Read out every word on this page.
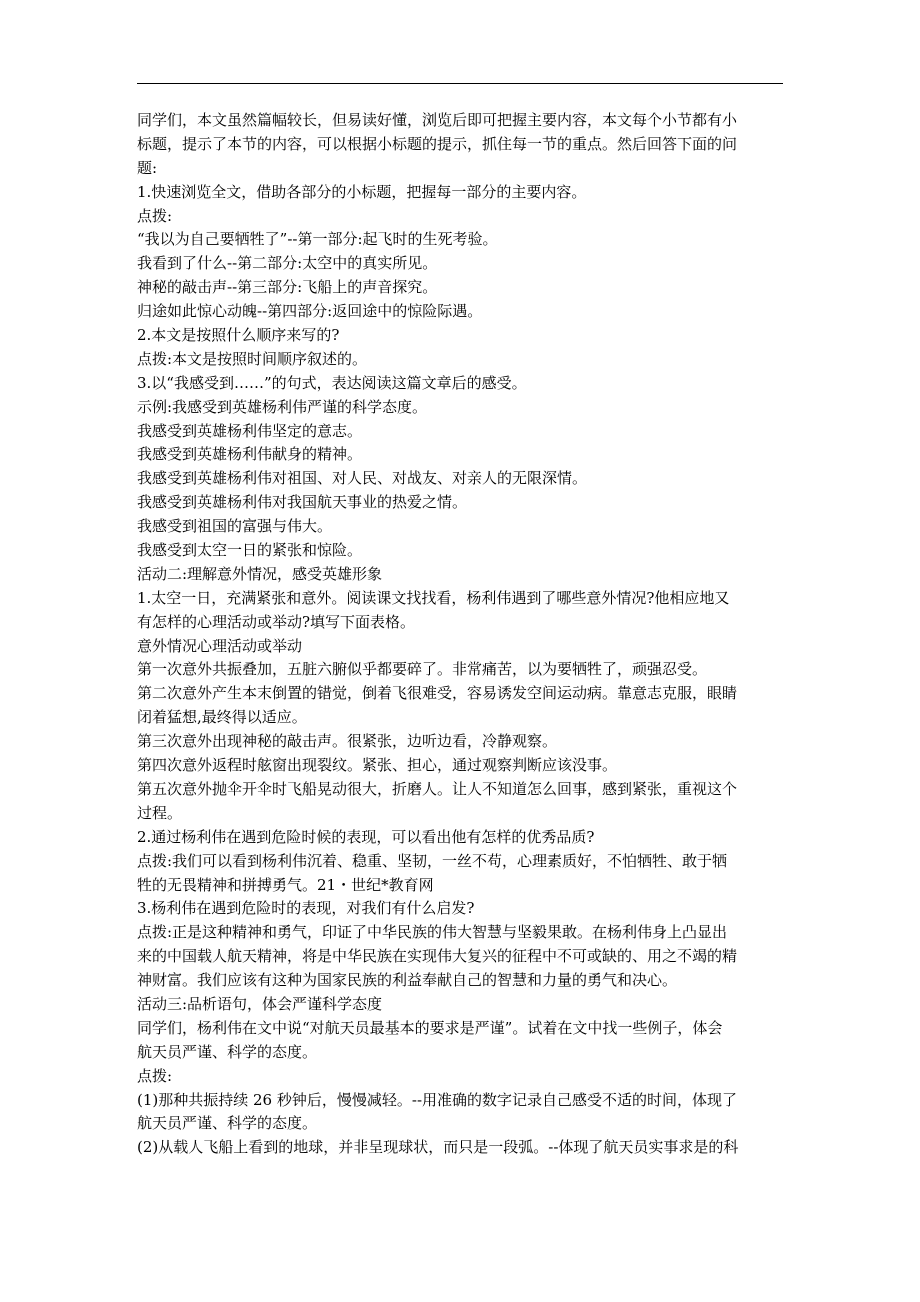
同学们，本文虽然篇幅较长，但易读好懂，浏览后即可把握主要内容，本文每个小节都有小
标题，提示了本节的内容，可以根据小标题的提示，抓住每一节的重点。然后回答下面的问
题:
1.快速浏览全文，借助各部分的小标题，把握每一部分的主要内容。
点拨:
“我以为自己要牺牲了”--第一部分:起飞时的生死考验。
我看到了什么--第二部分:太空中的真实所见。
神秘的敲击声--第三部分:飞船上的声音探究。
归途如此惊心动魄--第四部分:返回途中的惊险际遇。
2.本文是按照什么顺序来写的?
点拨:本文是按照时间顺序叙述的。
3.以“我感受到……”的句式，表达阅读这篇文章后的感受。
示例:我感受到英雄杨利伟严谨的科学态度。
我感受到英雄杨利伟坚定的意志。
我感受到英雄杨利伟献身的精神。
我感受到英雄杨利伟对祖国、对人民、对战友、对亲人的无限深情。
我感受到英雄杨利伟对我国航天事业的热爱之情。
我感受到祖国的富强与伟大。
我感受到太空一日的紧张和惊险。
活动二:理解意外情况，感受英雄形象
1.太空一日，充满紧张和意外。阅读课文找找看，杨利伟遇到了哪些意外情况?他相应地又
有怎样的心理活动或举动?填写下面表格。
意外情况心理活动或举动
第一次意外共振叠加，五脏六腑似乎都要碎了。非常痛苦，以为要牺牲了，顽强忍受。
第二次意外产生本末倒置的错觉，倒着飞很难受，容易诱发空间运动病。靠意志克服，眼睛
闭着猛想,最终得以适应。
第三次意外出现神秘的敲击声。很紧张，边听边看，冷静观察。
第四次意外返程时舷窗出现裂纹。紧张、担心，通过观察判断应该没事。
第五次意外抛伞开伞时飞船晃动很大，折磨人。让人不知道怎么回事，感到紧张，重视这个
过程。
2.通过杨利伟在遇到危险时候的表现，可以看出他有怎样的优秀品质?
点拨:我们可以看到杨利伟沉着、稳重、坚韧，一丝不苟，心理素质好，不怕牺牲、敢于牺
牲的无畏精神和拼搏勇气。21・世纪*教育网
3.杨利伟在遇到危险时的表现，对我们有什么启发?
点拨:正是这种精神和勇气，印证了中华民族的伟大智慧与坚毅果敢。在杨利伟身上凸显出
来的中国载人航天精神，将是中华民族在实现伟大复兴的征程中不可或缺的、用之不竭的精
神财富。我们应该有这种为国家民族的利益奉献自己的智慧和力量的勇气和决心。
活动三:品析语句，体会严谨科学态度
同学们，杨利伟在文中说“对航天员最基本的要求是严谨”。试着在文中找一些例子，体会
航天员严谨、科学的态度。
点拨:
(1)那种共振持续 26 秒钟后，慢慢减轻。--用准确的数字记录自己感受不适的时间，体现了
航天员严谨、科学的态度。
(2)从载人飞船上看到的地球，并非呈现球状，而只是一段弧。--体现了航天员实事求是的科
